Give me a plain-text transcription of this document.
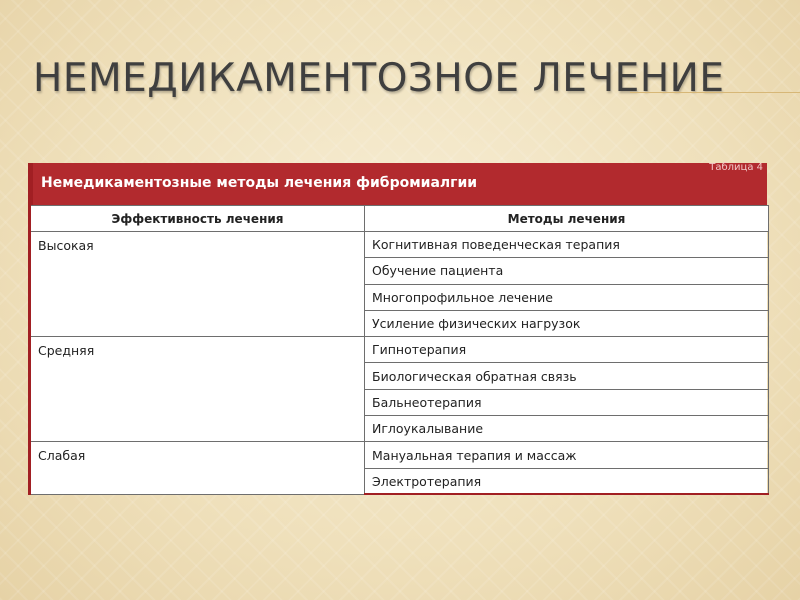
НЕМЕДИКАМЕНТОЗНОЕ ЛЕЧЕНИЕ
Немедикаментозные методы лечения фибромиалгии
Таблица 4
Эффективность лечения	Методы лечения
Высокая	Когнитивная поведенческая терапия
	Обучение пациента
	Многопрофильное лечение
	Усиление физических нагрузок
Средняя	Гипнотерапия
	Биологическая обратная связь
	Бальнеотерапия
	Иглоукалывание
Слабая	Мануальная терапия и массаж
	Электротерапия
